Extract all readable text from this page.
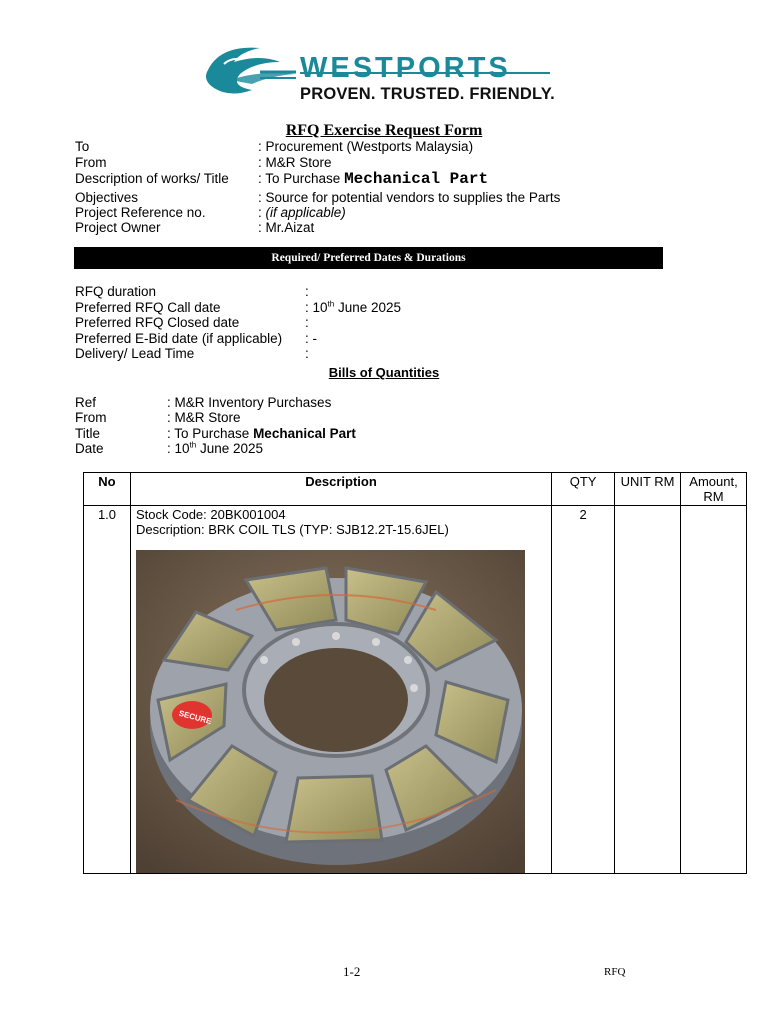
WESTPORTS
PROVEN. TRUSTED. FRIENDLY.
RFQ Exercise Request Form
To	: Procurement (Westports Malaysia)
From	: M&R Store
Description of works/ Title : To Purchase Mechanical Part
Objectives	: Source for potential vendors to supplies the Parts
Project Reference no.	: (if applicable)
Project Owner	: Mr.Aizat
Required/ Preferred Dates & Durations
RFQ duration	:
Preferred RFQ Call date	: 10th June 2025
Preferred RFQ Closed date	:
Preferred E-Bid date (if applicable) : -
Delivery/ Lead Time	:
Bills of Quantities
Ref	: M&R Inventory Purchases
From	: M&R Store
Title	: To Purchase Mechanical Part
Date	: 10th June 2025
No	Description	QTY	UNIT RM	Amount, RM
1.0	Stock Code: 20BK001004
Description: BRK COIL TLS (TYP: SJB12.2T-15.6JEL)	2		
SECURE
1-2	RFQ
